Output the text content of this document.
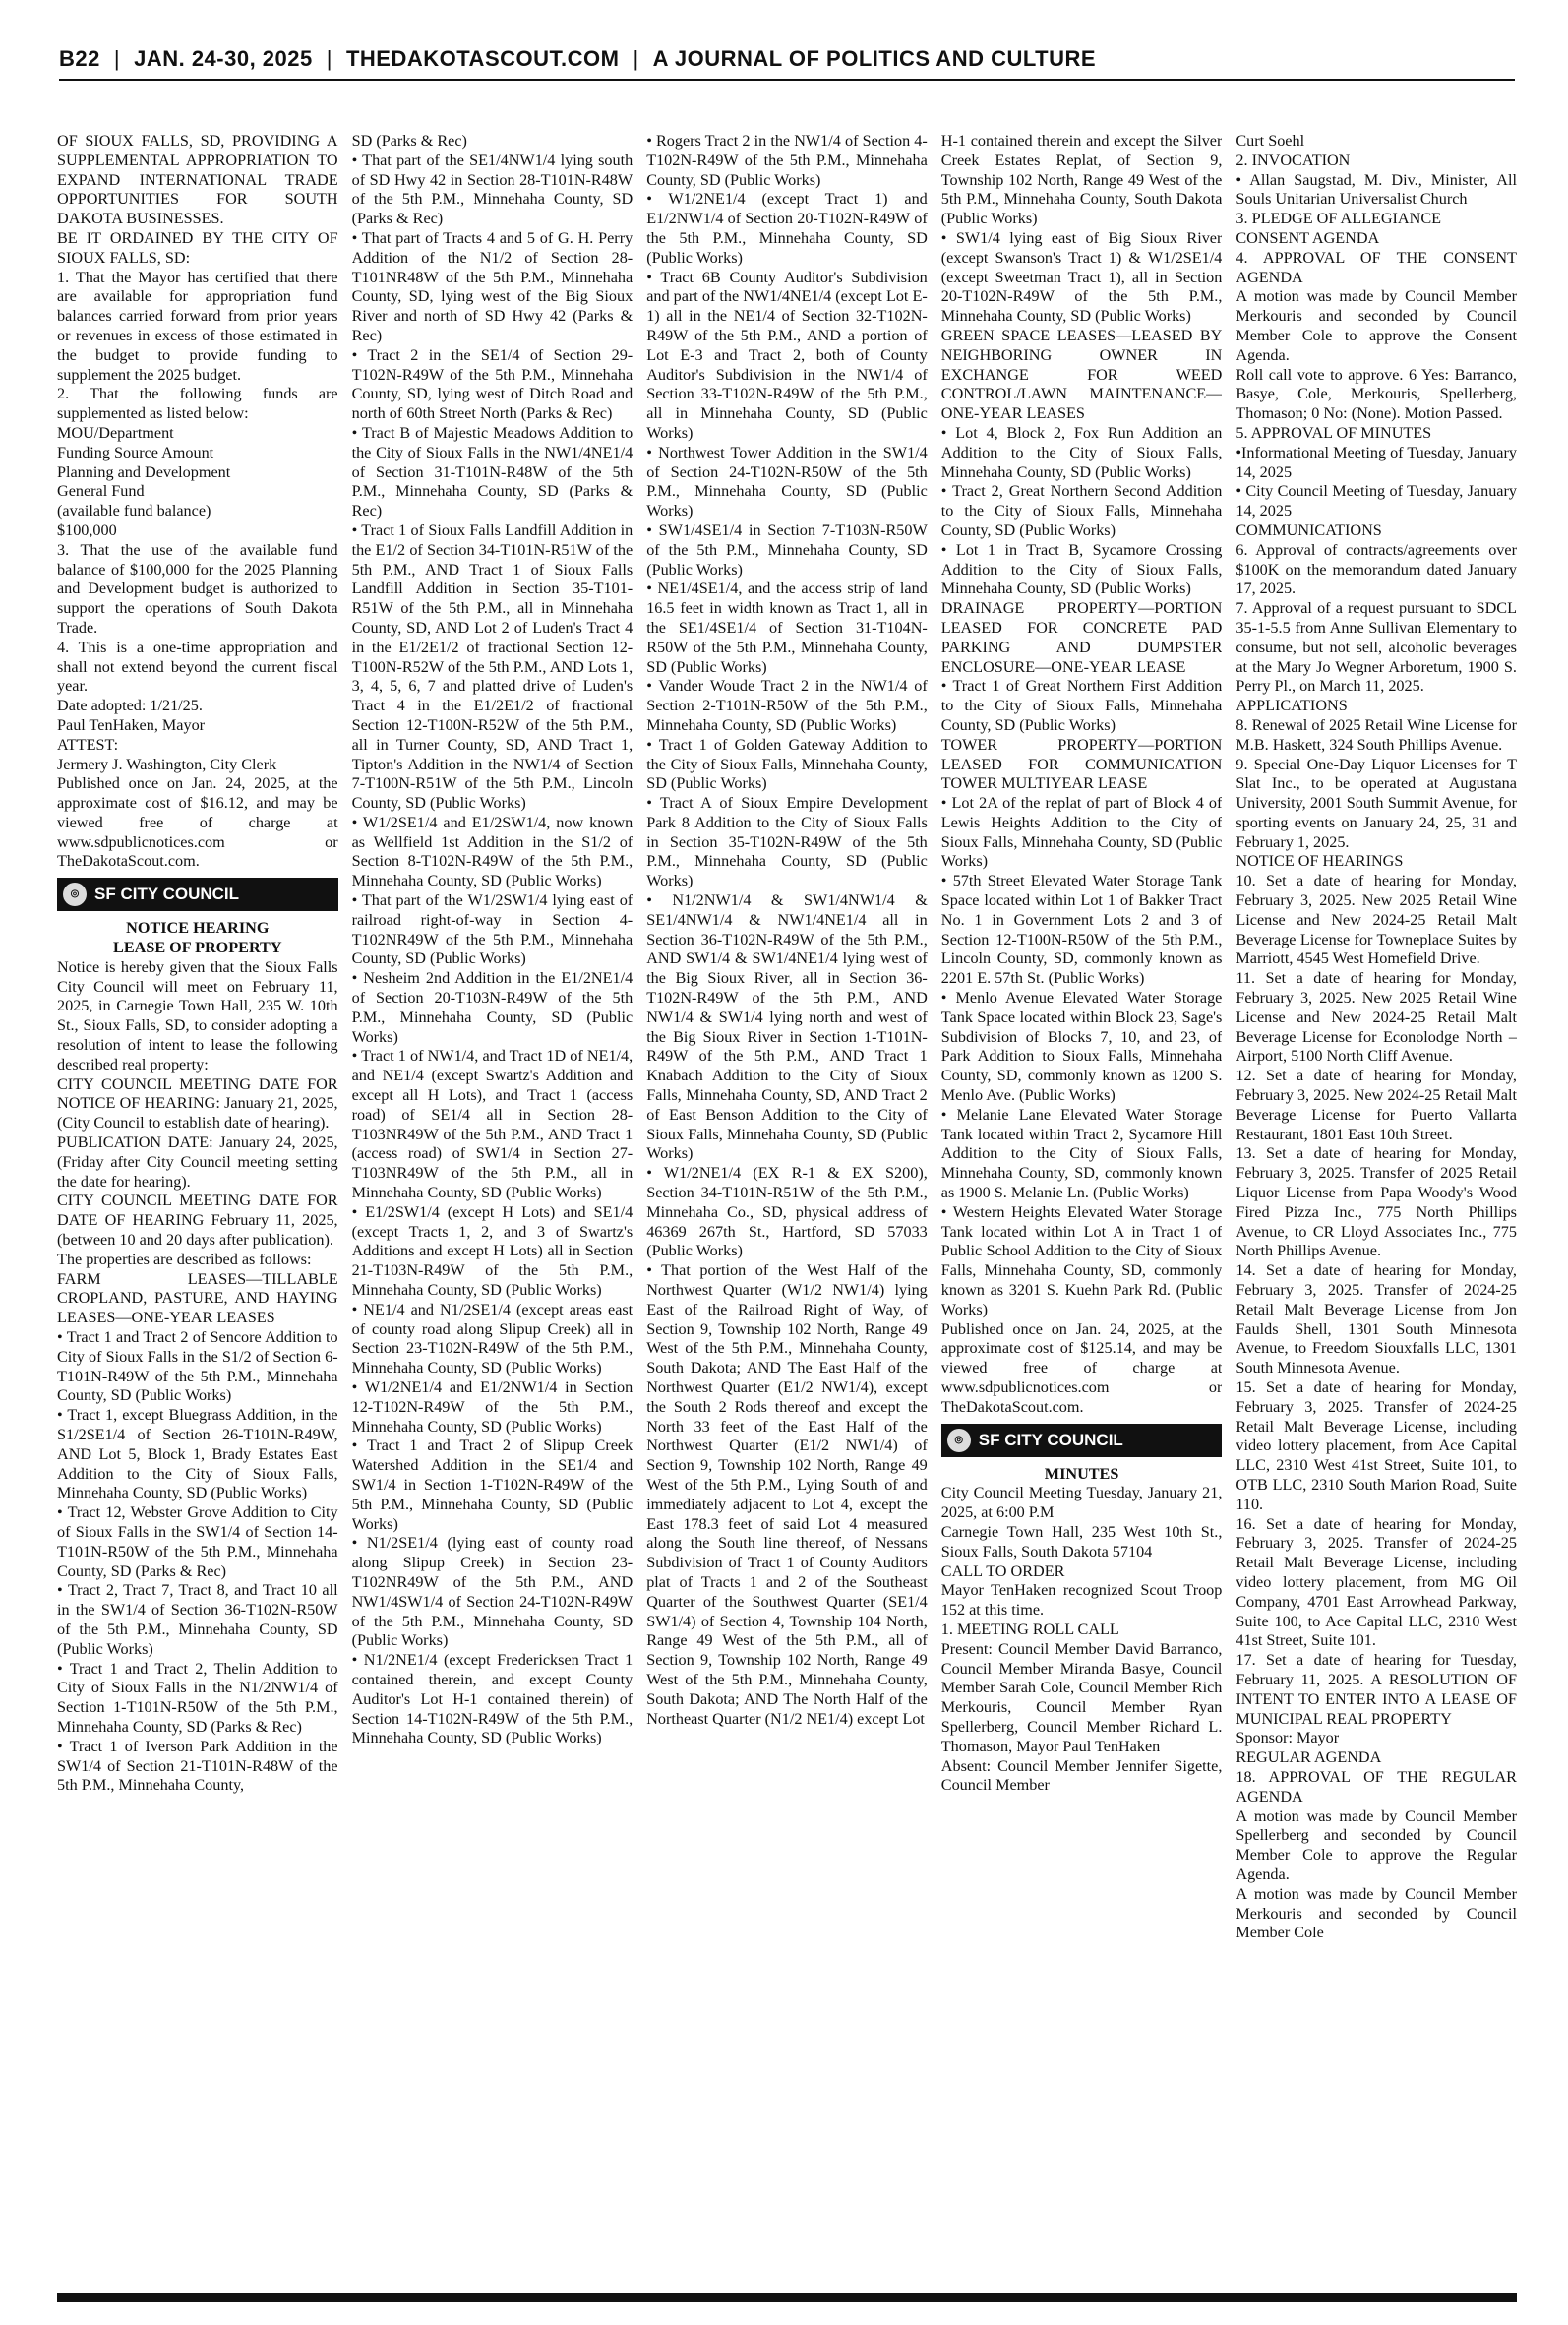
B22 | JAN. 24-30, 2025 | THEDAKOTASCOUT.COM | A JOURNAL OF POLITICS AND CULTURE

OF SIOUX FALLS, SD, PROVIDING A SUPPLEMENTAL APPROPRIATION TO EXPAND INTERNATIONAL TRADE OPPORTUNITIES FOR SOUTH DAKOTA BUSINESSES.

BE IT ORDAINED BY THE CITY OF SIOUX FALLS, SD:

1. That the Mayor has certified that there are available for appropriation fund balances carried forward from prior years or revenues in excess of those estimated in the budget to provide funding to supplement the 2025 budget.

2. That the following funds are supplemented as listed below:

MOU/Department

Funding Source Amount

Planning and Development

General Fund

(available fund balance)

$100,000

3. That the use of the available fund balance of $100,000 for the 2025 Planning and Development budget is authorized to support the operations of South Dakota Trade.

4. This is a one-time appropriation and shall not extend beyond the current fiscal year.

Date adopted: 1/21/25.

Paul TenHaken, Mayor

ATTEST:

Jermery J. Washington, City Clerk

Published once on Jan. 24, 2025, at the approximate cost of $16.12, and may be viewed free of charge at www.sdpublicnotices.com or TheDakotaScout.com.

◎ SF CITY COUNCIL

NOTICE HEARING

LEASE OF PROPERTY

Notice is hereby given that the Sioux Falls City Council will meet on February 11, 2025, in Carnegie Town Hall, 235 W. 10th St., Sioux Falls, SD, to consider adopting a resolution of intent to lease the following described real property:

CITY COUNCIL MEETING DATE FOR NOTICE OF HEARING: January 21, 2025, (City Council to establish date of hearing).

PUBLICATION DATE: January 24, 2025, (Friday after City Council meeting setting the date for hearing).

CITY COUNCIL MEETING DATE FOR DATE OF HEARING February 11, 2025, (between 10 and 20 days after publication).

The properties are described as follows:

FARM LEASES—TILLABLE CROPLAND, PASTURE, AND HAYING LEASES—ONE-YEAR LEASES

• Tract 1 and Tract 2 of Sencore Addition to City of Sioux Falls in the S1/2 of Section 6-T101N-R49W of the 5th P.M., Minnehaha County, SD (Public Works)

• Tract 1, except Bluegrass Addition, in the S1/2SE1/4 of Section 26-T101N-R49W, AND Lot 5, Block 1, Brady Estates East Addition to the City of Sioux Falls, Minnehaha County, SD (Public Works)

• Tract 12, Webster Grove Addition to City of Sioux Falls in the SW1/4 of Section 14-T101N-R50W of the 5th P.M., Minnehaha County, SD (Parks & Rec)

• Tract 2, Tract 7, Tract 8, and Tract 10 all in the SW1/4 of Section 36-T102N-R50W of the 5th P.M., Minnehaha County, SD (Public Works)

• Tract 1 and Tract 2, Thelin Addition to City of Sioux Falls in the N1/2NW1/4 of Section 1-T101N-R50W of the 5th P.M., Minnehaha County, SD (Parks & Rec)

• Tract 1 of Iverson Park Addition in the SW1/4 of Section 21-T101N-R48W of the 5th P.M., Minnehaha County,

SD (Parks & Rec)

• That part of the SE1/4NW1/4 lying south of SD Hwy 42 in Section 28-T101N-R48W of the 5th P.M., Minnehaha County, SD (Parks & Rec)

• That part of Tracts 4 and 5 of G. H. Perry Addition of the N1/2 of Section 28-T101NR48W of the 5th P.M., Minnehaha County, SD, lying west of the Big Sioux River and north of SD Hwy 42 (Parks & Rec)

• Tract 2 in the SE1/4 of Section 29-T102N-R49W of the 5th P.M., Minnehaha County, SD, lying west of Ditch Road and north of 60th Street North (Parks & Rec)

• Tract B of Majestic Meadows Addition to the City of Sioux Falls in the NW1/4NE1/4 of Section 31-T101N-R48W of the 5th P.M., Minnehaha County, SD (Parks & Rec)

• Tract 1 of Sioux Falls Landfill Addition in the E1/2 of Section 34-T101N-R51W of the 5th P.M., AND Tract 1 of Sioux Falls Landfill Addition in Section 35-T101-R51W of the 5th P.M., all in Minnehaha County, SD, AND Lot 2 of Luden's Tract 4 in the E1/2E1/2 of fractional Section 12-T100N-R52W of the 5th P.M., AND Lots 1, 3, 4, 5, 6, 7 and platted drive of Luden's Tract 4 in the E1/2E1/2 of fractional Section 12-T100N-R52W of the 5th P.M., all in Turner County, SD, AND Tract 1, Tipton's Addition in the NW1/4 of Section 7-T100N-R51W of the 5th P.M., Lincoln County, SD (Public Works)

• W1/2SE1/4 and E1/2SW1/4, now known as Wellfield 1st Addition in the S1/2 of Section 8-T102N-R49W of the 5th P.M., Minnehaha County, SD (Public Works)

• That part of the W1/2SW1/4 lying east of railroad right-of-way in Section 4-T102NR49W of the 5th P.M., Minnehaha County, SD (Public Works)

• Nesheim 2nd Addition in the E1/2NE1/4 of Section 20-T103N-R49W of the 5th P.M., Minnehaha County, SD (Public Works)

• Tract 1 of NW1/4, and Tract 1D of NE1/4, and NE1/4 (except Swartz's Addition and except all H Lots), and Tract 1 (access road) of SE1/4 all in Section 28-T103NR49W of the 5th P.M., AND Tract 1 (access road) of SW1/4 in Section 27-T103NR49W of the 5th P.M., all in Minnehaha County, SD (Public Works)

• E1/2SW1/4 (except H Lots) and SE1/4 (except Tracts 1, 2, and 3 of Swartz's Additions and except H Lots) all in Section 21-T103N-R49W of the 5th P.M., Minnehaha County, SD (Public Works)

• NE1/4 and N1/2SE1/4 (except areas east of county road along Slipup Creek) all in Section 23-T102N-R49W of the 5th P.M., Minnehaha County, SD (Public Works)

• W1/2NE1/4 and E1/2NW1/4 in Section 12-T102N-R49W of the 5th P.M., Minnehaha County, SD (Public Works)

• Tract 1 and Tract 2 of Slipup Creek Watershed Addition in the SE1/4 and SW1/4 in Section 1-T102N-R49W of the 5th P.M., Minnehaha County, SD (Public Works)

• N1/2SE1/4 (lying east of county road along Slipup Creek) in Section 23-T102NR49W of the 5th P.M., AND NW1/4SW1/4 of Section 24-T102N-R49W of the 5th P.M., Minnehaha County, SD (Public Works)

• N1/2NE1/4 (except Fredericksen Tract 1 contained therein, and except County Auditor's Lot H-1 contained therein) of Section 14-T102N-R49W of the 5th P.M., Minnehaha County, SD (Public Works)

• Rogers Tract 2 in the NW1/4 of Section 4-T102N-R49W of the 5th P.M., Minnehaha County, SD (Public Works)

• W1/2NE1/4 (except Tract 1) and E1/2NW1/4 of Section 20-T102N-R49W of the 5th P.M., Minnehaha County, SD (Public Works)

• Tract 6B County Auditor's Subdivision and part of the NW1/4NE1/4 (except Lot E-1) all in the NE1/4 of Section 32-T102N-R49W of the 5th P.M., AND a portion of Lot E-3 and Tract 2, both of County Auditor's Subdivision in the NW1/4 of Section 33-T102N-R49W of the 5th P.M., all in Minnehaha County, SD (Public Works)

• Northwest Tower Addition in the SW1/4 of Section 24-T102N-R50W of the 5th P.M., Minnehaha County, SD (Public Works)

• SW1/4SE1/4 in Section 7-T103N-R50W of the 5th P.M., Minnehaha County, SD (Public Works)

• NE1/4SE1/4, and the access strip of land 16.5 feet in width known as Tract 1, all in the SE1/4SE1/4 of Section 31-T104N-R50W of the 5th P.M., Minnehaha County, SD (Public Works)

• Vander Woude Tract 2 in the NW1/4 of Section 2-T101N-R50W of the 5th P.M., Minnehaha County, SD (Public Works)

• Tract 1 of Golden Gateway Addition to the City of Sioux Falls, Minnehaha County, SD (Public Works)

• Tract A of Sioux Empire Development Park 8 Addition to the City of Sioux Falls in Section 35-T102N-R49W of the 5th P.M., Minnehaha County, SD (Public Works)

• N1/2NW1/4 & SW1/4NW1/4 & SE1/4NW1/4 & NW1/4NE1/4 all in Section 36-T102N-R49W of the 5th P.M., AND SW1/4 & SW1/4NE1/4 lying west of the Big Sioux River, all in Section 36-T102N-R49W of the 5th P.M., AND NW1/4 & SW1/4 lying north and west of the Big Sioux River in Section 1-T101N-R49W of the 5th P.M., AND Tract 1 Knabach Addition to the City of Sioux Falls, Minnehaha County, SD, AND Tract 2 of East Benson Addition to the City of Sioux Falls, Minnehaha County, SD (Public Works)

• W1/2NE1/4 (EX R-1 & EX S200), Section 34-T101N-R51W of the 5th P.M., Minnehaha Co., SD, physical address of 46369 267th St., Hartford, SD 57033 (Public Works)

• That portion of the West Half of the Northwest Quarter (W1/2 NW1/4) lying East of the Railroad Right of Way, of Section 9, Township 102 North, Range 49 West of the 5th P.M., Minnehaha County, South Dakota; AND The East Half of the Northwest Quarter (E1/2 NW1/4), except the South 2 Rods thereof and except the North 33 feet of the East Half of the Northwest Quarter (E1/2 NW1/4) of Section 9, Township 102 North, Range 49 West of the 5th P.M., Lying South of and immediately adjacent to Lot 4, except the East 178.3 feet of said Lot 4 measured along the South line thereof, of Nessans Subdivision of Tract 1 of County Auditors plat of Tracts 1 and 2 of the Southeast Quarter of the Southwest Quarter (SE1/4 SW1/4) of Section 4, Township 104 North, Range 49 West of the 5th P.M., all of Section 9, Township 102 North, Range 49 West of the 5th P.M., Minnehaha County, South Dakota; AND The North Half of the Northeast Quarter (N1/2 NE1/4) except Lot

H-1 contained therein and except the Silver Creek Estates Replat, of Section 9, Township 102 North, Range 49 West of the 5th P.M., Minnehaha County, South Dakota (Public Works)

• SW1/4 lying east of Big Sioux River (except Swanson's Tract 1) & W1/2SE1/4 (except Sweetman Tract 1), all in Section 20-T102N-R49W of the 5th P.M., Minnehaha County, SD (Public Works)

GREEN SPACE LEASES—LEASED BY NEIGHBORING OWNER IN EXCHANGE FOR WEED CONTROL/LAWN MAINTENANCE—ONE-YEAR LEASES

• Lot 4, Block 2, Fox Run Addition an Addition to the City of Sioux Falls, Minnehaha County, SD (Public Works)

• Tract 2, Great Northern Second Addition to the City of Sioux Falls, Minnehaha County, SD (Public Works)

• Lot 1 in Tract B, Sycamore Crossing Addition to the City of Sioux Falls, Minnehaha County, SD (Public Works)

DRAINAGE PROPERTY—PORTION LEASED FOR CONCRETE PAD PARKING AND DUMPSTER ENCLOSURE—ONE-YEAR LEASE

• Tract 1 of Great Northern First Addition to the City of Sioux Falls, Minnehaha County, SD (Public Works)

TOWER PROPERTY—PORTION LEASED FOR COMMUNICATION TOWER MULTIYEAR LEASE

• Lot 2A of the replat of part of Block 4 of Lewis Heights Addition to the City of Sioux Falls, Minnehaha County, SD (Public Works)

• 57th Street Elevated Water Storage Tank Space located within Lot 1 of Bakker Tract No. 1 in Government Lots 2 and 3 of Section 12-T100N-R50W of the 5th P.M., Lincoln County, SD, commonly known as 2201 E. 57th St. (Public Works)

• Menlo Avenue Elevated Water Storage Tank Space located within Block 23, Sage's Subdivision of Blocks 7, 10, and 23, of Park Addition to Sioux Falls, Minnehaha County, SD, commonly known as 1200 S. Menlo Ave. (Public Works)

• Melanie Lane Elevated Water Storage Tank located within Tract 2, Sycamore Hill Addition to the City of Sioux Falls, Minnehaha County, SD, commonly known as 1900 S. Melanie Ln. (Public Works)

• Western Heights Elevated Water Storage Tank located within Lot A in Tract 1 of Public School Addition to the City of Sioux Falls, Minnehaha County, SD, commonly known as 3201 S. Kuehn Park Rd. (Public Works)

Published once on Jan. 24, 2025, at the approximate cost of $125.14, and may be viewed free of charge at www.sdpublicnotices.com or TheDakotaScout.com.

◎ SF CITY COUNCIL

MINUTES

City Council Meeting Tuesday, January 21, 2025, at 6:00 P.M

Carnegie Town Hall, 235 West 10th St., Sioux Falls, South Dakota 57104

CALL TO ORDER

Mayor TenHaken recognized Scout Troop 152 at this time.

1. MEETING ROLL CALL

Present: Council Member David Barranco, Council Member Miranda Basye, Council Member Sarah Cole, Council Member Rich Merkouris, Council Member Ryan Spellerberg, Council Member Richard L. Thomason, Mayor Paul TenHaken

Absent: Council Member Jennifer Sigette, Council Member

Curt Soehl

2. INVOCATION

• Allan Saugstad, M. Div., Minister, All Souls Unitarian Universalist Church

3. PLEDGE OF ALLEGIANCE

CONSENT AGENDA

4. APPROVAL OF THE CONSENT AGENDA

A motion was made by Council Member Merkouris and seconded by Council Member Cole to approve the Consent Agenda.

Roll call vote to approve. 6 Yes: Barranco, Basye, Cole, Merkouris, Spellerberg, Thomason; 0 No: (None). Motion Passed.

5. APPROVAL OF MINUTES

•Informational Meeting of Tuesday, January 14, 2025

• City Council Meeting of Tuesday, January 14, 2025

COMMUNICATIONS

6. Approval of contracts/agreements over $100K on the memorandum dated January 17, 2025.

7. Approval of a request pursuant to SDCL 35-1-5.5 from Anne Sullivan Elementary to consume, but not sell, alcoholic beverages at the Mary Jo Wegner Arboretum, 1900 S. Perry Pl., on March 11, 2025.

APPLICATIONS

8. Renewal of 2025 Retail Wine License for M.B. Haskett, 324 South Phillips Avenue.

9. Special One-Day Liquor Licenses for T Slat Inc., to be operated at Augustana University, 2001 South Summit Avenue, for sporting events on January 24, 25, 31 and February 1, 2025.

NOTICE OF HEARINGS

10. Set a date of hearing for Monday, February 3, 2025. New 2025 Retail Wine License and New 2024-25 Retail Malt Beverage License for Towneplace Suites by Marriott, 4545 West Homefield Drive.

11. Set a date of hearing for Monday, February 3, 2025. New 2025 Retail Wine License and New 2024-25 Retail Malt Beverage License for Econolodge North – Airport, 5100 North Cliff Avenue.

12. Set a date of hearing for Monday, February 3, 2025. New 2024-25 Retail Malt Beverage License for Puerto Vallarta Restaurant, 1801 East 10th Street.

13. Set a date of hearing for Monday, February 3, 2025. Transfer of 2025 Retail Liquor License from Papa Woody's Wood Fired Pizza Inc., 775 North Phillips Avenue, to CR Lloyd Associates Inc., 775 North Phillips Avenue.

14. Set a date of hearing for Monday, February 3, 2025. Transfer of 2024-25 Retail Malt Beverage License from Jon Faulds Shell, 1301 South Minnesota Avenue, to Freedom Siouxfalls LLC, 1301 South Minnesota Avenue.

15. Set a date of hearing for Monday, February 3, 2025. Transfer of 2024-25 Retail Malt Beverage License, including video lottery placement, from Ace Capital LLC, 2310 West 41st Street, Suite 101, to OTB LLC, 2310 South Marion Road, Suite 110.

16. Set a date of hearing for Monday, February 3, 2025. Transfer of 2024-25 Retail Malt Beverage License, including video lottery placement, from MG Oil Company, 4701 East Arrowhead Parkway, Suite 100, to Ace Capital LLC, 2310 West 41st Street, Suite 101.

17. Set a date of hearing for Tuesday, February 11, 2025. A RESOLUTION OF INTENT TO ENTER INTO A LEASE OF MUNICIPAL REAL PROPERTY

Sponsor: Mayor

REGULAR AGENDA

18. APPROVAL OF THE REGULAR AGENDA

A motion was made by Council Member Spellerberg and seconded by Council Member Cole to approve the Regular Agenda.

A motion was made by Council Member Merkouris and seconded by Council Member Cole
